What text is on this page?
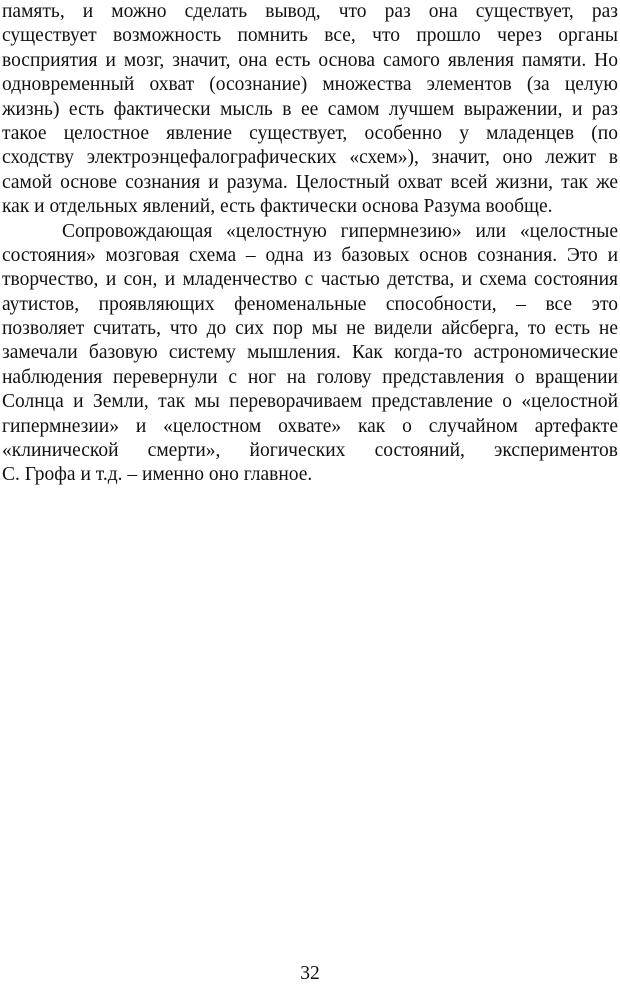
память, и можно сделать вывод, что раз она существует, раз
существует возможность помнить все, что прошло через органы
восприятия и мозг, значит, она есть основа самого явления памяти. Но
одновременный охват (осознание) множества элементов (за целую
жизнь) есть фактически мысль в ее самом лучшем выражении, и раз
такое целостное явление существует, особенно у младенцев (по
сходству электроэнцефалографических «схем»), значит, оно лежит в
самой основе сознания и разума. Целостный охват всей жизни, так же
как и отдельных явлений, есть фактически основа Разума вообще.

Сопровождающая «целостную гипермнезию» или «целостные
состояния» мозговая схема – одна из базовых основ сознания. Это и
творчество, и сон, и младенчество с частью детства, и схема состояния
аутистов, проявляющих феноменальные способности, – все это
позволяет считать, что до сих пор мы не видели айсберга, то есть не
замечали базовую систему мышления. Как когда-то астрономические
наблюдения перевернули с ног на голову представления о вращении
Солнца и Земли, так мы переворачиваем представление о «целостной
гипермнезии» и «целостном охвате» как о случайном артефакте
«клинической смерти», йогических состояний, экспериментов
С. Грофа и т.д. – именно оно главное.

32
